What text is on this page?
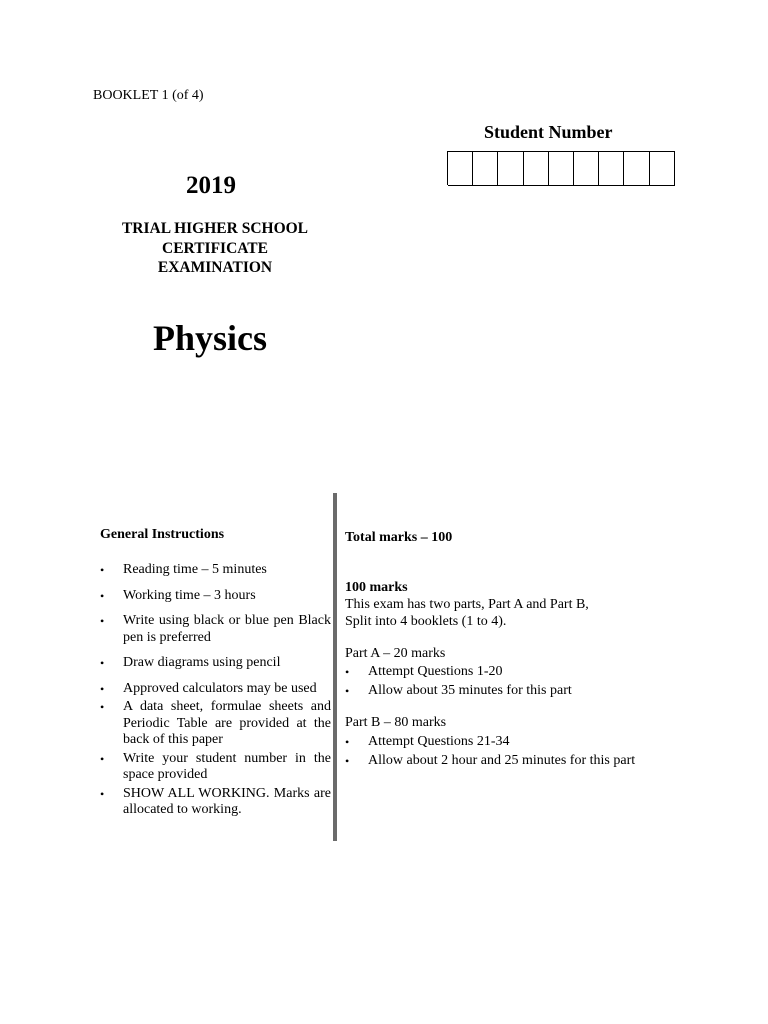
BOOKLET 1 (of 4)
Student Number
2019
TRIAL HIGHER SCHOOL
CERTIFICATE
EXAMINATION
Physics
General Instructions
• Reading time – 5 minutes
• Working time – 3 hours
• Write using black or blue pen Black pen is preferred
• Draw diagrams using pencil
• Approved calculators may be used
• A data sheet, formulae sheets and Periodic Table are provided at the back of this paper
• Write your student number in the space provided
• SHOW ALL WORKING. Marks are allocated to working.
Total marks – 100
100 marks
This exam has two parts, Part A and Part B,
Split into 4 booklets (1 to 4).
Part A – 20 marks
• Attempt Questions 1-20
• Allow about 35 minutes for this part
Part B – 80 marks
• Attempt Questions 21-34
• Allow about 2 hour and 25 minutes for this part
